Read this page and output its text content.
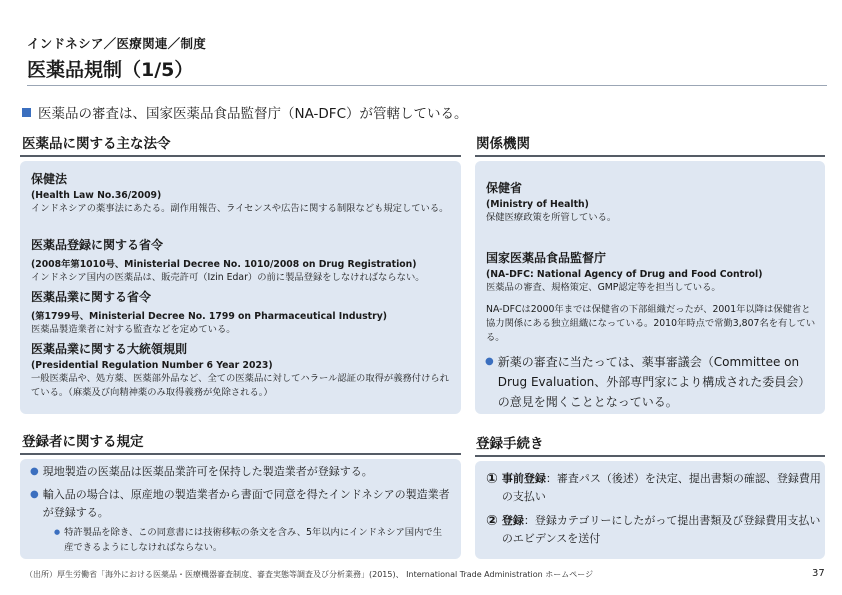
インドネシア／医療関連／制度
医薬品規制（1/5）
医薬品の審査は、国家医薬品食品監督庁（NA-DFC）が管轄している。
医薬品に関する主な法令
保健法
(Health Law No.36/2009)
インドネシアの薬事法にあたる。副作用報告、ライセンスや広告に関する制限なども規定している。
医薬品登録に関する省令
(2008年第1010号、Ministerial Decree No. 1010/2008 on Drug Registration)
インドネシア国内の医薬品は、販売許可（Izin Edar）の前に製品登録をしなければならない。
医薬品業に関する省令
(第1799号、Ministerial Decree No. 1799 on Pharmaceutical Industry)
医薬品製造業者に対する監査などを定めている。
医薬品業に関する大統領規則
(Presidential Regulation Number 6 Year 2023)
一般医薬品や、処方薬、医薬部外品など、全ての医薬品に対してハラール認証の取得が義務付けられている。（麻薬及び向精神薬のみ取得義務が免除される。）
関係機関
保健省
(Ministry of Health)
保健医療政策を所管している。
国家医薬品食品監督庁
(NA-DFC: National Agency of Drug and Food Control)
医薬品の審査、規格策定、GMP認定等を担当している。
NA-DFCは2000年までは保健省の下部組織だったが、2001年以降は保健省と協力関係にある独立組織になっている。2010年時点で常勤3,807名を有している。
● 新薬の審査に当たっては、薬事審議会（Committee on Drug Evaluation、外部専門家により構成された委員会）の意見を聞くこととなっている。
登録者に関する規定
● 現地製造の医薬品は医薬品業許可を保持した製造業者が登録する。
● 輸入品の場合は、原産地の製造業者から書面で同意を得たインドネシアの製造業者が登録する。
● 特許製品を除き、この同意書には技術移転の条文を含み、5年以内にインドネシア国内で生産できるようにしなければならない。
登録手続き
① 事前登録：審査パス（後述）を決定、提出書類の確認、登録費用の支払い
② 登録：登録カテゴリーにしたがって提出書類及び登録費用支払いのエビデンスを送付
（出所）厚生労働省「海外における医薬品・医療機器審査制度、審査実態等調査及び分析業務」(2015)、 International Trade Administration ホームページ	37
